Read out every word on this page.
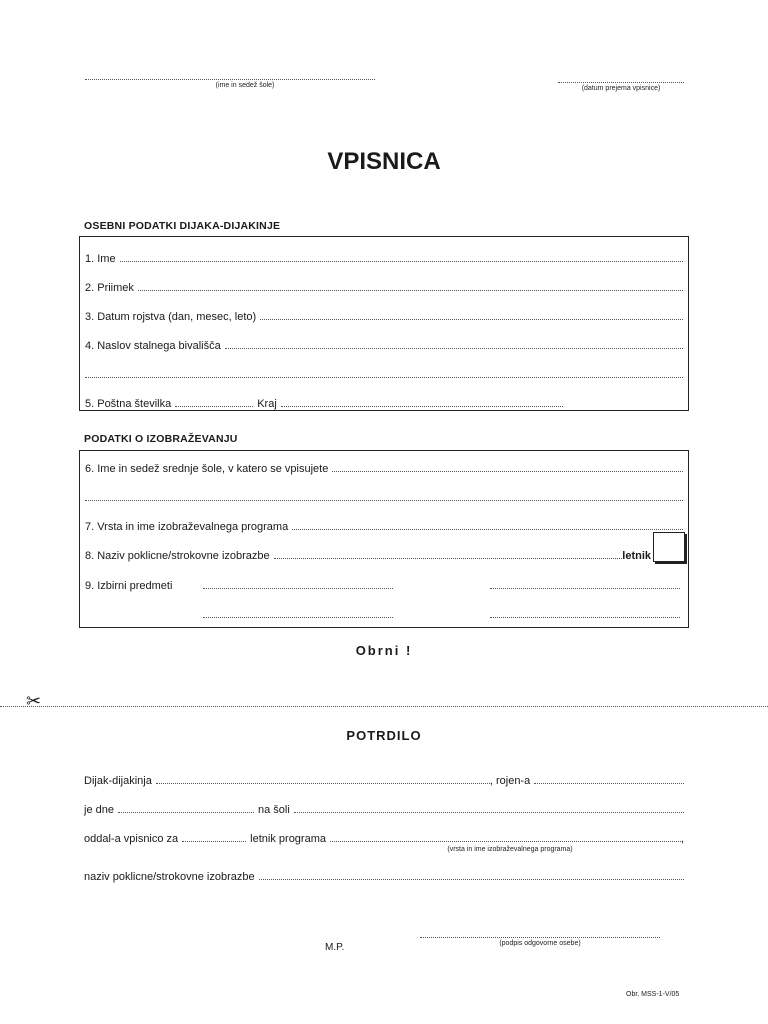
(ime in sedež šole)	(datum prejema vpisnice)
VPISNICA
OSEBNI PODATKI DIJAKA-DIJAKINJE
1. Ime
2. Priimek
3. Datum rojstva (dan, mesec, leto)
4. Naslov stalnega bivališča
5. Poštna številka	Kraj
PODATKI O IZOBRAŽEVANJU
6. Ime in sedež srednje šole, v katero se vpisujete
7. Vrsta in ime izobraževalnega programa
8. Naziv poklicne/strokovne izobrazbe	letnik
9. Izbirni predmeti
Obrni !
✂
POTRDILO
Dijak-dijakinja	, rojen-a
je dne	na šoli
oddal-a vpisnico za	letnik programa	,
(vrsta in ime izobraževalnega programa)
naziv poklicne/strokovne izobrazbe
M.P.	(podpis odgovorne osebe)
Obr. MSS-1-V/05
